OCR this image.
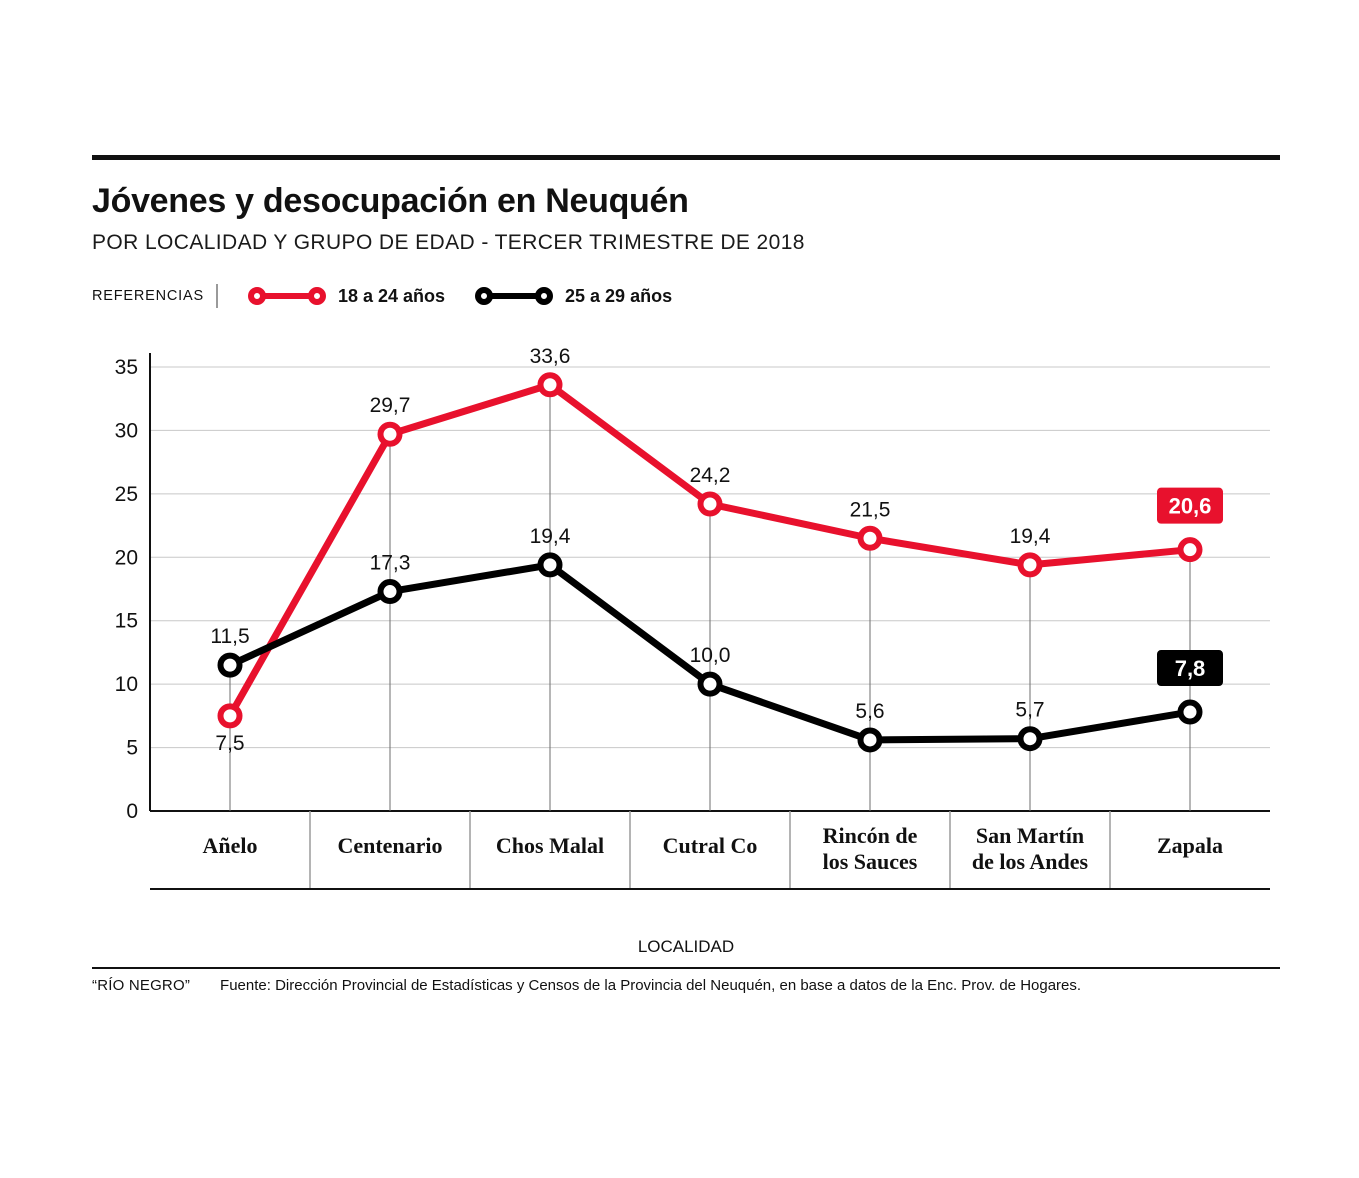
Jóvenes y desocupación en Neuquén
POR LOCALIDAD Y GRUPO DE EDAD - TERCER TRIMESTRE DE 2018
REFERENCIAS	18 a 24 años	25 a 29 años
0
5
10
15
20
25
30
35
7,5
29,7
33,6
24,2
21,5
19,4
20,6
11,5
17,3
19,4
10,0
5,6	5,7
7,8
Añelo	Centenario Chos Malal	Cutral Co	Rincón de
los Sauces
San Martín
de los Andes
Zapala
LOCALIDAD
“RÍO NEGRO” Fuente: Dirección Provincial de Estadísticas y Censos de la Provincia del Neuquén, en base a datos de la Enc. Prov. de Hogares.
